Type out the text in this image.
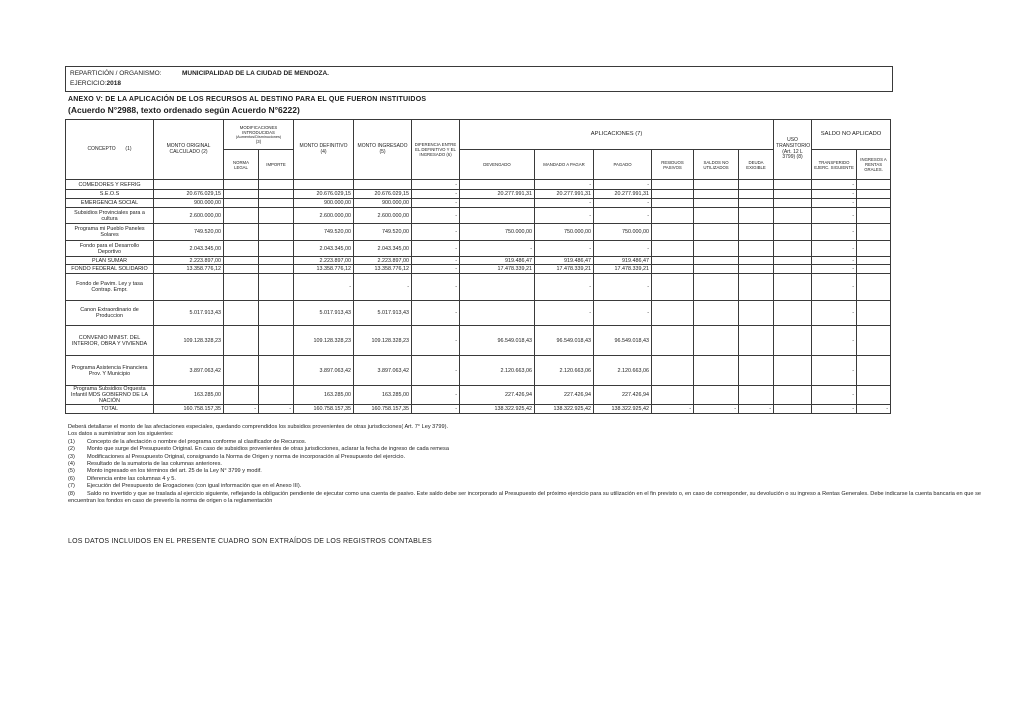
REPARTICIÓN / ORGANISMO:	MUNICIPALIDAD DE LA CIUDAD DE MENDOZA.
EJERCICIO:2018
ANEXO V: DE LA APLICACIÓN DE LOS RECURSOS AL DESTINO PARA EL QUE FUERON INSTITUIDOS
(Acuerdo N°2988, texto ordenado según Acuerdo N°6222)
CONCEPTO (1)	MONTO ORIGINAL CALCULADO (2)	MODIFICACIONES INTRODUCIDAS
(Aumentos/Disminuciones)
(3)		MONTO DEFINITIVO (4)	MONTO INGRESADO (5)	DIFERENCIA ENTRE EL DEFINITIVO Y EL INGRESADO (6)	APLICACIONES (7)						USO TRANSITORIO (Art. 12 L 3799) (8)	SALDO NO APLICADO	
		NORMA LEGAL	IMPORTE				DEVENGADO	MANDADO A PAGAR	PAGADO	RESIDUOS PASIVOS	SALDOS NO UTILIZADOS	DEUDA EXIGIBLE		TRANSFERIDO EJERC. SIGUIENTE	INGRESOS A RENTAS GRALES.
COMEDORES Y REFRIG						-		-	-					-	
S.E.O.S	20.676.029,15			20.676.029,15	20.676.029,15	-	20.277.991,31	20.277.991,31	20.277.991,31					-	
EMERGENCIA SOCIAL	900.000,00			900.000,00	900.000,00	-		-	-					-	
Subsidios Provinciales para a cultura	2.600.000,00			2.600.000,00	2.600.000,00	-		-	-					-	
Programa mi Pueblo Paneles Solares	749.520,00			749.520,00	749.520,00	-	750.000,00	750.000,00	750.000,00					-	
Fondo para el Desarrollo Deportivo	2.043.345,00			2.043.345,00	2.043.345,00	-	-	-	-					-	
PLAN SUMAR	2.223.897,00			2.223.897,00	2.223.897,00	-	919.486,47	919.486,47	919.486,47					-	
FONDO FEDERAL SOLIDARIO	13.358.776,12			13.358.776,12	13.358.776,12	-	17.478.339,21	17.478.339,21	17.478.339,21					-	
Fondo de Pavim. Ley y tasa Contrap. Empr.				-	-	-		-	-					-	
Canon Extraordinario de Produccion	5.017.913,43			5.017.913,43	5.017.913,43	-		-	-					-	
CONVENIO MINIST. DEL INTERIOR, OBRA Y VIVIENDA	109.128.328,23			109.128.328,23	109.128.328,23	-	96.549.018,43	96.549.018,43	96.549.018,43					-	
Programa Asistencia Financiera Prov. Y Municipio	3.897.063,42			3.897.063,42	3.897.063,42	-	2.120.663,06	2.120.663,06	2.120.663,06					-	
Programa Subsidios Orquesta Infantil MDS GOBIERNO DE LA NACIÓN	163.285,00			163.285,00	163.285,00	-	227.426,94	227.426,94	227.426,94					-	
TOTAL	160.758.157,35	-	-	160.758.157,35	160.758.157,35	-	138.322.925,42	138.322.925,42	138.322.925,42	-	-	-		-	-
Deberá detallarse el monto de las afectaciones especiales, quedando comprendidos los subsidios provenientes de otras jurisdicciones( Art. 7° Ley 3799).
Los datos a suministrar son los siguientes:
(1) Concepto de la afectación o nombre del programa conforme al clasificador de Recursos.
(2) Monto que surge del Presupuesto Original. En caso de subsidios provenientes de otras jurisdicciones, aclarar la fecha de ingreso de cada remesa
(3) Modificaciones al Presupuesto Original, consignando la Norma de Origen y norma de incorporación al Presupuesto del ejercicio.
(4) Resultado de la sumatoria de las columnas anteriores.
(5) Monto ingresado en los términos del art. 25 de la Ley N° 3799 y modif.
(6) Diferencia entre las columnas 4 y 5.
(7) Ejecución del Presupuesto de Erogaciones (con igual información que en el Anexo III).
(8) Saldo no invertido y que se traslada al ejercicio siguiente, reflejando la obligación pendiente de ejecutar como una cuenta de pasivo. Este saldo debe ser incorporado al Presupuesto del próximo ejercicio para su utilización en el fin previsto o, en caso de corresponder, su devolución o su ingreso a Rentas Generales. Debe indicarse la cuenta bancaria en que se encuentran los fondos en caso de preverlo la norma de origen o la reglamentación
LOS DATOS INCLUIDOS EN EL PRESENTE CUADRO SON EXTRAÍDOS DE LOS REGISTROS CONTABLES
